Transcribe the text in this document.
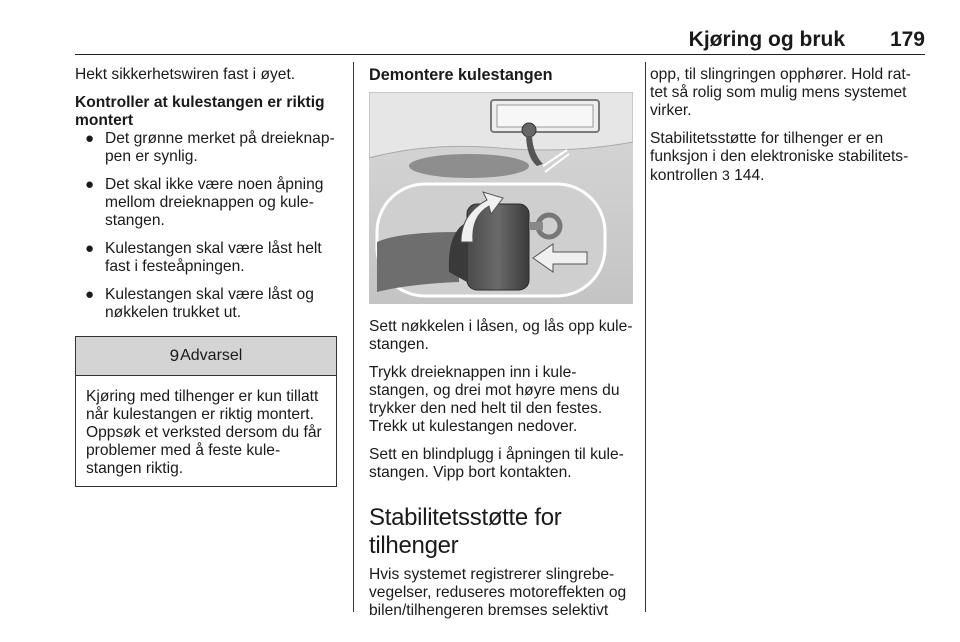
Kjøring og bruk 179

Hekt sikkerhetswiren fast i øyet.

Kontroller at kulestangen er riktig
montert
● Det grønne merket på dreieknap-
pen er synlig.
● Det skal ikke være noen åpning
mellom dreieknappen og kule-
stangen.
● Kulestangen skal være låst helt
fast i festeåpningen.
● Kulestangen skal være låst og
nøkkelen trukket ut.
9 Advarsel

Kjøring med tilhenger er kun tillatt

når kulestangen er riktig montert.

Oppsøk et verksted dersom du får

problemer med å feste kule-

stangen riktig.

Demontere kulestangen

Sett nøkkelen i låsen, og lås opp kule-
stangen.

Trykk dreieknappen inn i kule-
stangen, og drei mot høyre mens du
trykker den ned helt til den festes.
Trekk ut kulestangen nedover.

Sett en blindplugg i åpningen til kule-
stangen. Vipp bort kontakten.

Stabilitetsstøtte for tilhenger

Hvis systemet registrerer slingrebe-
vegelser, reduseres motoreffekten og
bilen/tilhengeren bremses selektivt

opp, til slingringen opphører. Hold rat-
tet så rolig som mulig mens systemet
virker.

Stabilitetsstøtte for tilhenger er en
funksjon i den elektroniske stabilitets-
kontrollen 3 144.
